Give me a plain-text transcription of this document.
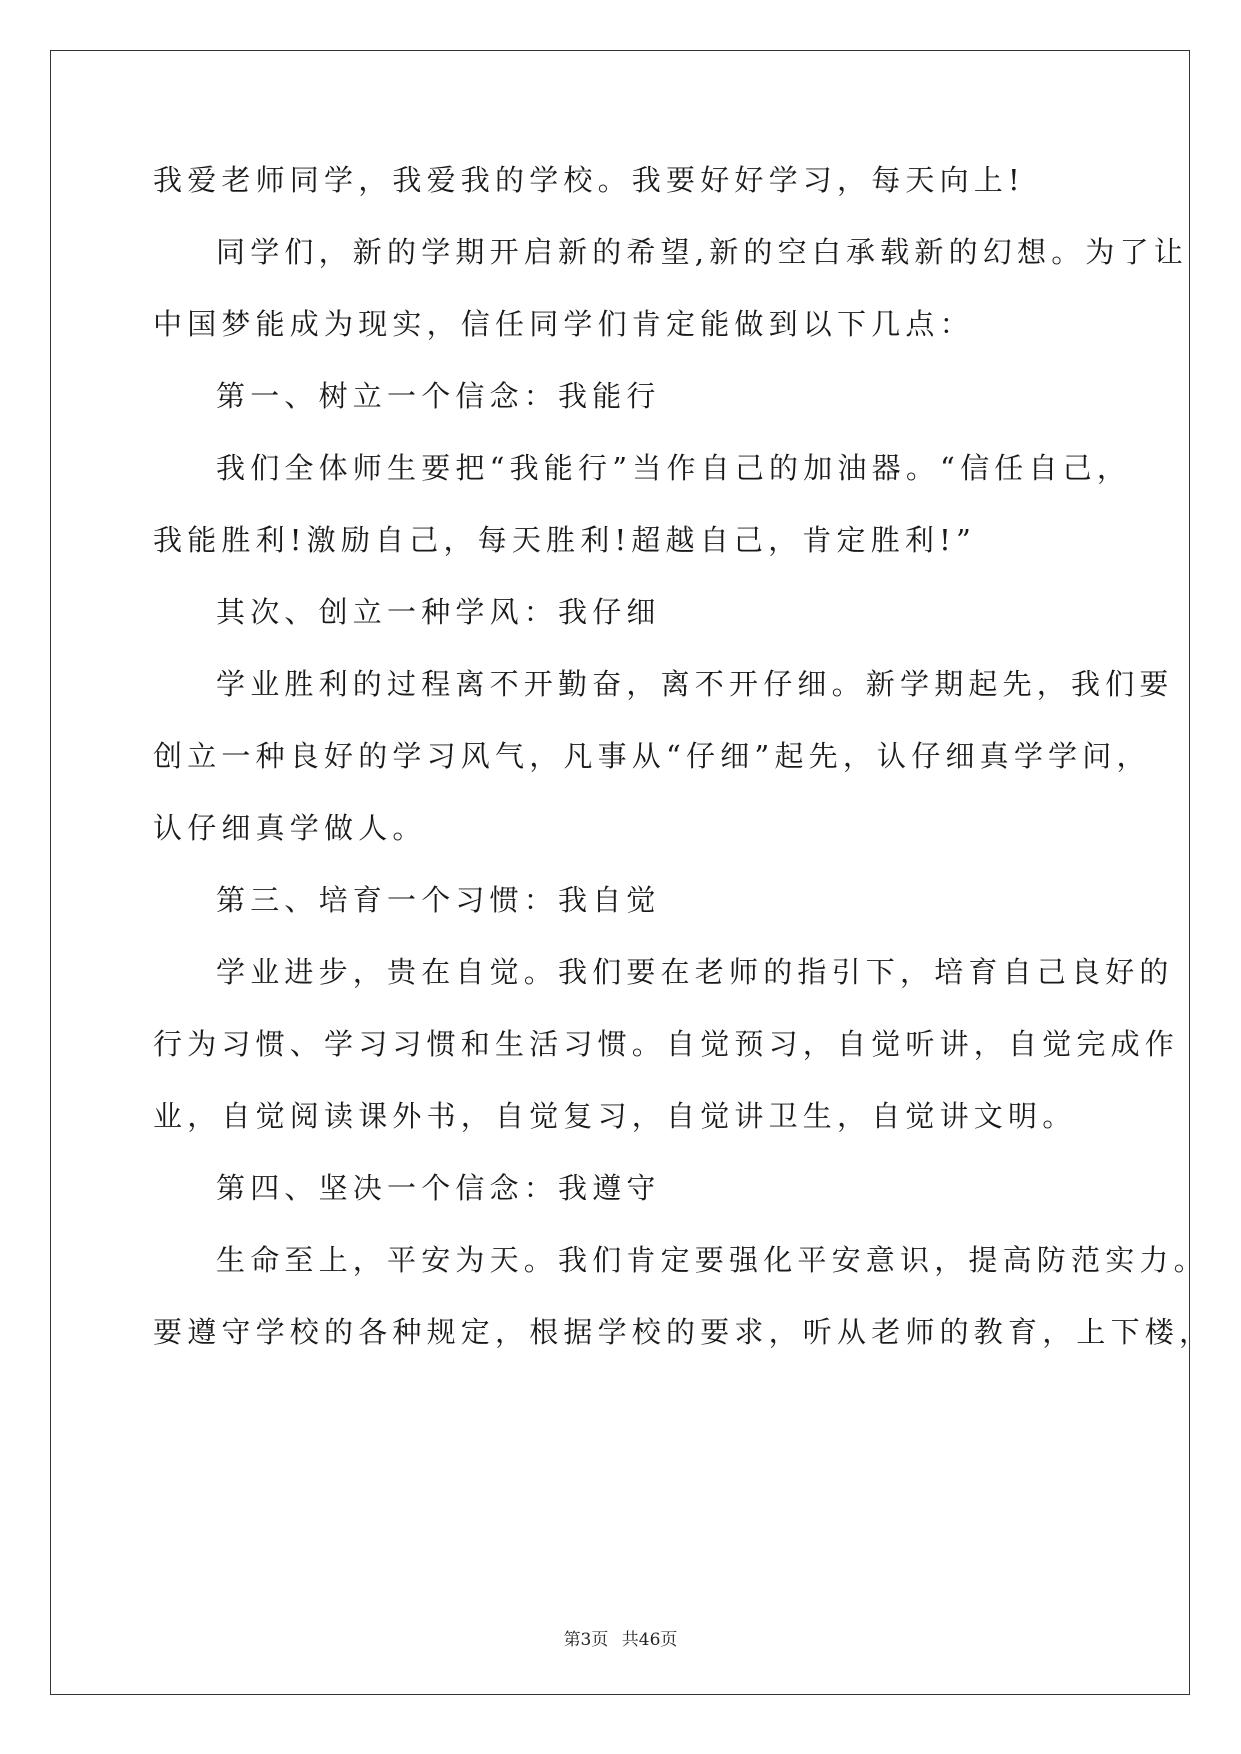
我爱老师同学，我爱我的学校。我要好好学习，每天向上!
同学们，新的学期开启新的希望,新的空白承载新的幻想。为了让
中国梦能成为现实，信任同学们肯定能做到以下几点：
第一、树立一个信念：我能行
我们全体师生要把“我能行”当作自己的加油器。“信任自己，
我能胜利!激励自己，每天胜利!超越自己，肯定胜利!”
其次、创立一种学风：我仔细
学业胜利的过程离不开勤奋，离不开仔细。新学期起先，我们要
创立一种良好的学习风气，凡事从“仔细”起先，认仔细真学学问，
认仔细真学做人。
第三、培育一个习惯：我自觉
学业进步，贵在自觉。我们要在老师的指引下，培育自己良好的
行为习惯、学习习惯和生活习惯。自觉预习，自觉听讲，自觉完成作
业，自觉阅读课外书，自觉复习，自觉讲卫生，自觉讲文明。
第四、坚决一个信念：我遵守
生命至上，平安为天。我们肯定要强化平安意识，提高防范实力。
要遵守学校的各种规定，根据学校的要求，听从老师的教育，上下楼，
第3页 共46页
